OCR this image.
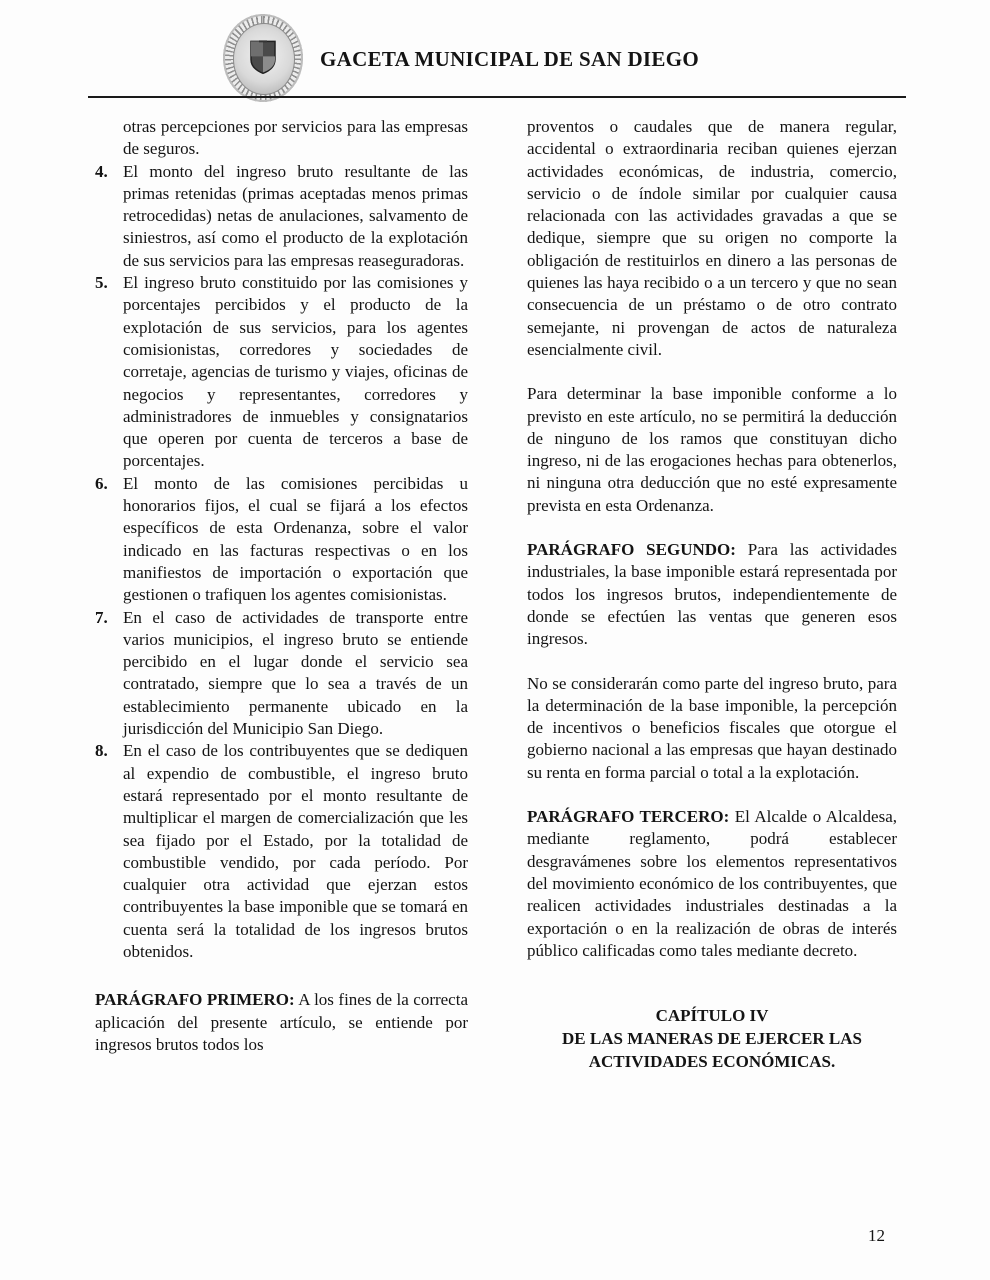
GACETA MUNICIPAL DE SAN DIEGO

otras percepciones por servicios para las empresas de seguros.

4. El monto del ingreso bruto resultante de las primas retenidas (primas aceptadas menos primas retrocedidas) netas de anulaciones, salvamento de siniestros, así como el producto de la explotación de sus servicios para las empresas reaseguradoras.

5. El ingreso bruto constituido por las comisiones y porcentajes percibidos y el producto de la explotación de sus servicios, para los agentes comisionistas, corredores y sociedades de corretaje, agencias de turismo y viajes, oficinas de negocios y representantes, corredores y administradores de inmuebles y consignatarios que operen por cuenta de terceros a base de porcentajes.

6. El monto de las comisiones percibidas u honorarios fijos, el cual se fijará a los efectos específicos de esta Ordenanza, sobre el valor indicado en las facturas respectivas o en los manifiestos de importación o exportación que gestionen o trafiquen los agentes comisionistas.

7. En el caso de actividades de transporte entre varios municipios, el ingreso bruto se entiende percibido en el lugar donde el servicio sea contratado, siempre que lo sea a través de un establecimiento permanente ubicado en la jurisdicción del Municipio San Diego.

8. En el caso de los contribuyentes que se dediquen al expendio de combustible, el ingreso bruto estará representado por el monto resultante de multiplicar el margen de comercialización que les sea fijado por el Estado, por la totalidad de combustible vendido, por cada período. Por cualquier otra actividad que ejerzan estos contribuyentes la base imponible que se tomará en cuenta será la totalidad de los ingresos brutos obtenidos.

PARÁGRAFO PRIMERO: A los fines de la correcta aplicación del presente artículo, se entiende por ingresos brutos todos los

proventos o caudales que de manera regular, accidental o extraordinaria reciban quienes ejerzan actividades económicas, de industria, comercio, servicio o de índole similar por cualquier causa relacionada con las actividades gravadas a que se dedique, siempre que su origen no comporte la obligación de restituirlos en dinero a las personas de quienes las haya recibido o a un tercero y que no sean consecuencia de un préstamo o de otro contrato semejante, ni provengan de actos de naturaleza esencialmente civil.

Para determinar la base imponible conforme a lo previsto en este artículo, no se permitirá la deducción de ninguno de los ramos que constituyan dicho ingreso, ni de las erogaciones hechas para obtenerlos, ni ninguna otra deducción que no esté expresamente prevista en esta Ordenanza.

PARÁGRAFO SEGUNDO: Para las actividades industriales, la base imponible estará representada por todos los ingresos brutos, independientemente de donde se efectúen las ventas que generen esos ingresos.

No se considerarán como parte del ingreso bruto, para la determinación de la base imponible, la percepción de incentivos o beneficios fiscales que otorgue el gobierno nacional a las empresas que hayan destinado su renta en forma parcial o total a la explotación.

PARÁGRAFO TERCERO: El Alcalde o Alcaldesa, mediante reglamento, podrá establecer desgravámenes sobre los elementos representativos del movimiento económico de los contribuyentes, que realicen actividades industriales destinadas a la exportación o en la realización de obras de interés público calificadas como tales mediante decreto.

CAPÍTULO IV
DE LAS MANERAS DE EJERCER LAS
ACTIVIDADES ECONÓMICAS.
12
